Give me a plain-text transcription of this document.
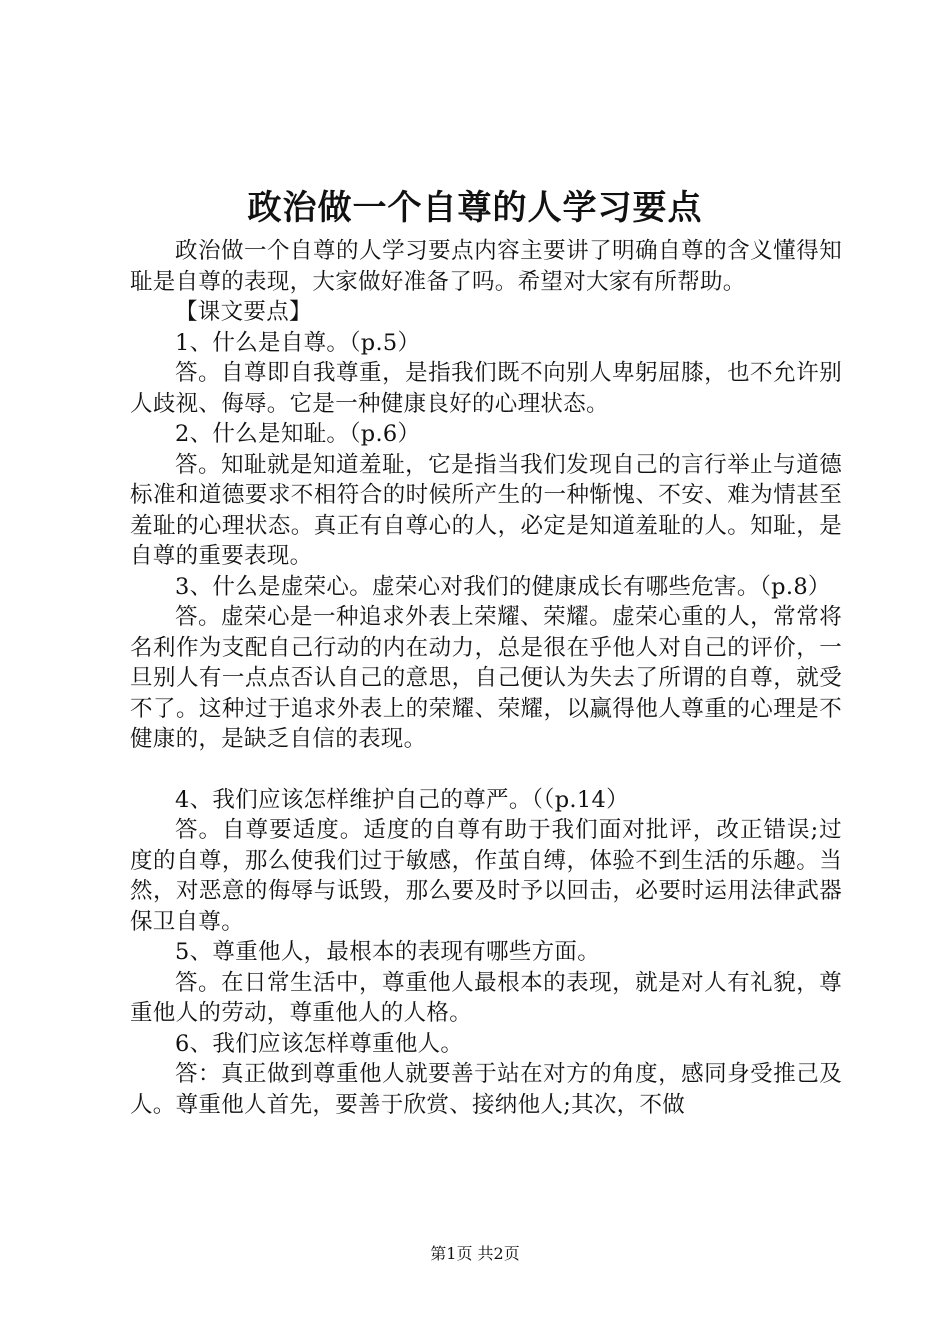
政治做一个自尊的人学习要点

政治做一个自尊的人学习要点内容主要讲了明确自尊的含义懂得知耻是自尊的表现，大家做好准备了吗。希望对大家有所帮助。

【课文要点】

1、什么是自尊。（p.5）

答。自尊即自我尊重，是指我们既不向别人卑躬屈膝，也不允许别人歧视、侮辱。它是一种健康良好的心理状态。

2、什么是知耻。（p.6）

答。知耻就是知道羞耻，它是指当我们发现自己的言行举止与道德标准和道德要求不相符合的时候所产生的一种惭愧、不安、难为情甚至羞耻的心理状态。真正有自尊心的人，必定是知道羞耻的人。知耻，是自尊的重要表现。

3、什么是虚荣心。虚荣心对我们的健康成长有哪些危害。（p.8）

答。虚荣心是一种追求外表上荣耀、荣耀。虚荣心重的人，常常将名利作为支配自己行动的内在动力，总是很在乎他人对自己的评价，一旦别人有一点点否认自己的意思，自己便认为失去了所谓的自尊，就受不了。这种过于追求外表上的荣耀、荣耀，以赢得他人尊重的心理是不健康的，是缺乏自信的表现。

4、我们应该怎样维护自己的尊严。（（p.14）

答。自尊要适度。适度的自尊有助于我们面对批评，改正错误;过度的自尊，那么使我们过于敏感，作茧自缚，体验不到生活的乐趣。当然，对恶意的侮辱与诋毁，那么要及时予以回击，必要时运用法律武器保卫自尊。

5、尊重他人，最根本的表现有哪些方面。

答。在日常生活中，尊重他人最根本的表现，就是对人有礼貌，尊重他人的劳动，尊重他人的人格。

6、我们应该怎样尊重他人。

答：真正做到尊重他人就要善于站在对方的角度，感同身受推己及人。尊重他人首先，要善于欣赏、接纳他人;其次，不做

第1页 共2页
